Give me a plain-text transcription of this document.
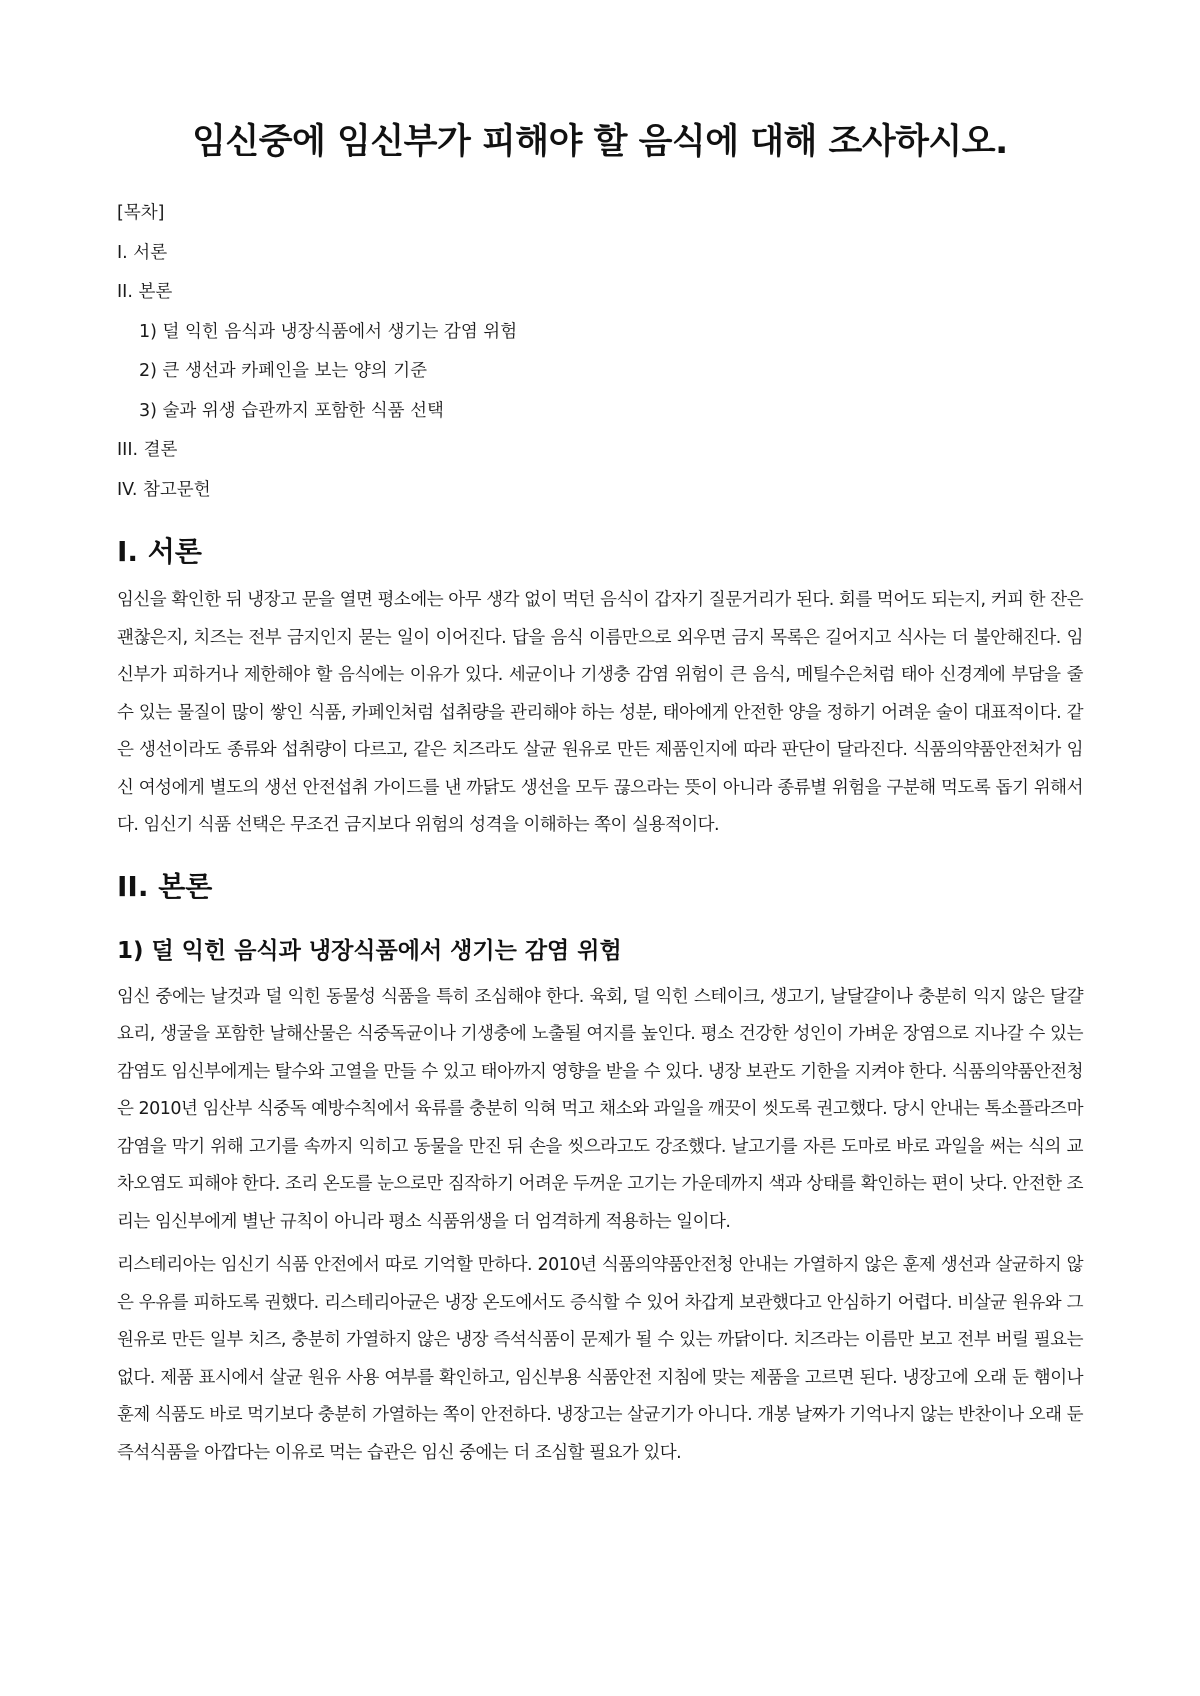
임신중에 임신부가 피해야 할 음식에 대해 조사하시오.
[목차]
I. 서론
II. 본론
1) 덜 익힌 음식과 냉장식품에서 생기는 감염 위험
2) 큰 생선과 카페인을 보는 양의 기준
3) 술과 위생 습관까지 포함한 식품 선택
III. 결론
IV. 참고문헌
I. 서론

임신을 확인한 뒤 냉장고 문을 열면 평소에는 아무 생각 없이 먹던 음식이 갑자기 질문거리가 된다. 회를 먹어도 되는지, 커피 한 잔은 괜찮은지, 치즈는 전부 금지인지 묻는 일이 이어진다. 답을 음식 이름만으로 외우면 금지 목록은 길어지고 식사는 더 불안해진다. 임신부가 피하거나 제한해야 할 음식에는 이유가 있다. 세균이나 기생충 감염 위험이 큰 음식, 메틸수은처럼 태아 신경계에 부담을 줄 수 있는 물질이 많이 쌓인 식품, 카페인처럼 섭취량을 관리해야 하는 성분, 태아에게 안전한 양을 정하기 어려운 술이 대표적이다. 같은 생선이라도 종류와 섭취량이 다르고, 같은 치즈라도 살균 원유로 만든 제품인지에 따라 판단이 달라진다. 식품의약품안전처가 임신 여성에게 별도의 생선 안전섭취 가이드를 낸 까닭도 생선을 모두 끊으라는 뜻이 아니라 종류별 위험을 구분해 먹도록 돕기 위해서다. 임신기 식품 선택은 무조건 금지보다 위험의 성격을 이해하는 쪽이 실용적이다.

II. 본론
1) 덜 익힌 음식과 냉장식품에서 생기는 감염 위험

임신 중에는 날것과 덜 익힌 동물성 식품을 특히 조심해야 한다. 육회, 덜 익힌 스테이크, 생고기, 날달걀이나 충분히 익지 않은 달걀 요리, 생굴을 포함한 날해산물은 식중독균이나 기생충에 노출될 여지를 높인다. 평소 건강한 성인이 가벼운 장염으로 지나갈 수 있는 감염도 임신부에게는 탈수와 고열을 만들 수 있고 태아까지 영향을 받을 수 있다. 냉장 보관도 기한을 지켜야 한다. 식품의약품안전청은 2010년 임산부 식중독 예방수칙에서 육류를 충분히 익혀 먹고 채소와 과일을 깨끗이 씻도록 권고했다. 당시 안내는 톡소플라즈마 감염을 막기 위해 고기를 속까지 익히고 동물을 만진 뒤 손을 씻으라고도 강조했다. 날고기를 자른 도마로 바로 과일을 써는 식의 교차오염도 피해야 한다. 조리 온도를 눈으로만 짐작하기 어려운 두꺼운 고기는 가운데까지 색과 상태를 확인하는 편이 낫다. 안전한 조리는 임신부에게 별난 규칙이 아니라 평소 식품위생을 더 엄격하게 적용하는 일이다.

리스테리아는 임신기 식품 안전에서 따로 기억할 만하다. 2010년 식품의약품안전청 안내는 가열하지 않은 훈제 생선과 살균하지 않은 우유를 피하도록 권했다. 리스테리아균은 냉장 온도에서도 증식할 수 있어 차갑게 보관했다고 안심하기 어렵다. 비살균 원유와 그 원유로 만든 일부 치즈, 충분히 가열하지 않은 냉장 즉석식품이 문제가 될 수 있는 까닭이다. 치즈라는 이름만 보고 전부 버릴 필요는 없다. 제품 표시에서 살균 원유 사용 여부를 확인하고, 임신부용 식품안전 지침에 맞는 제품을 고르면 된다. 냉장고에 오래 둔 햄이나 훈제 식품도 바로 먹기보다 충분히 가열하는 쪽이 안전하다. 냉장고는 살균기가 아니다. 개봉 날짜가 기억나지 않는 반찬이나 오래 둔 즉석식품을 아깝다는 이유로 먹는 습관은 임신 중에는 더 조심할 필요가 있다.
